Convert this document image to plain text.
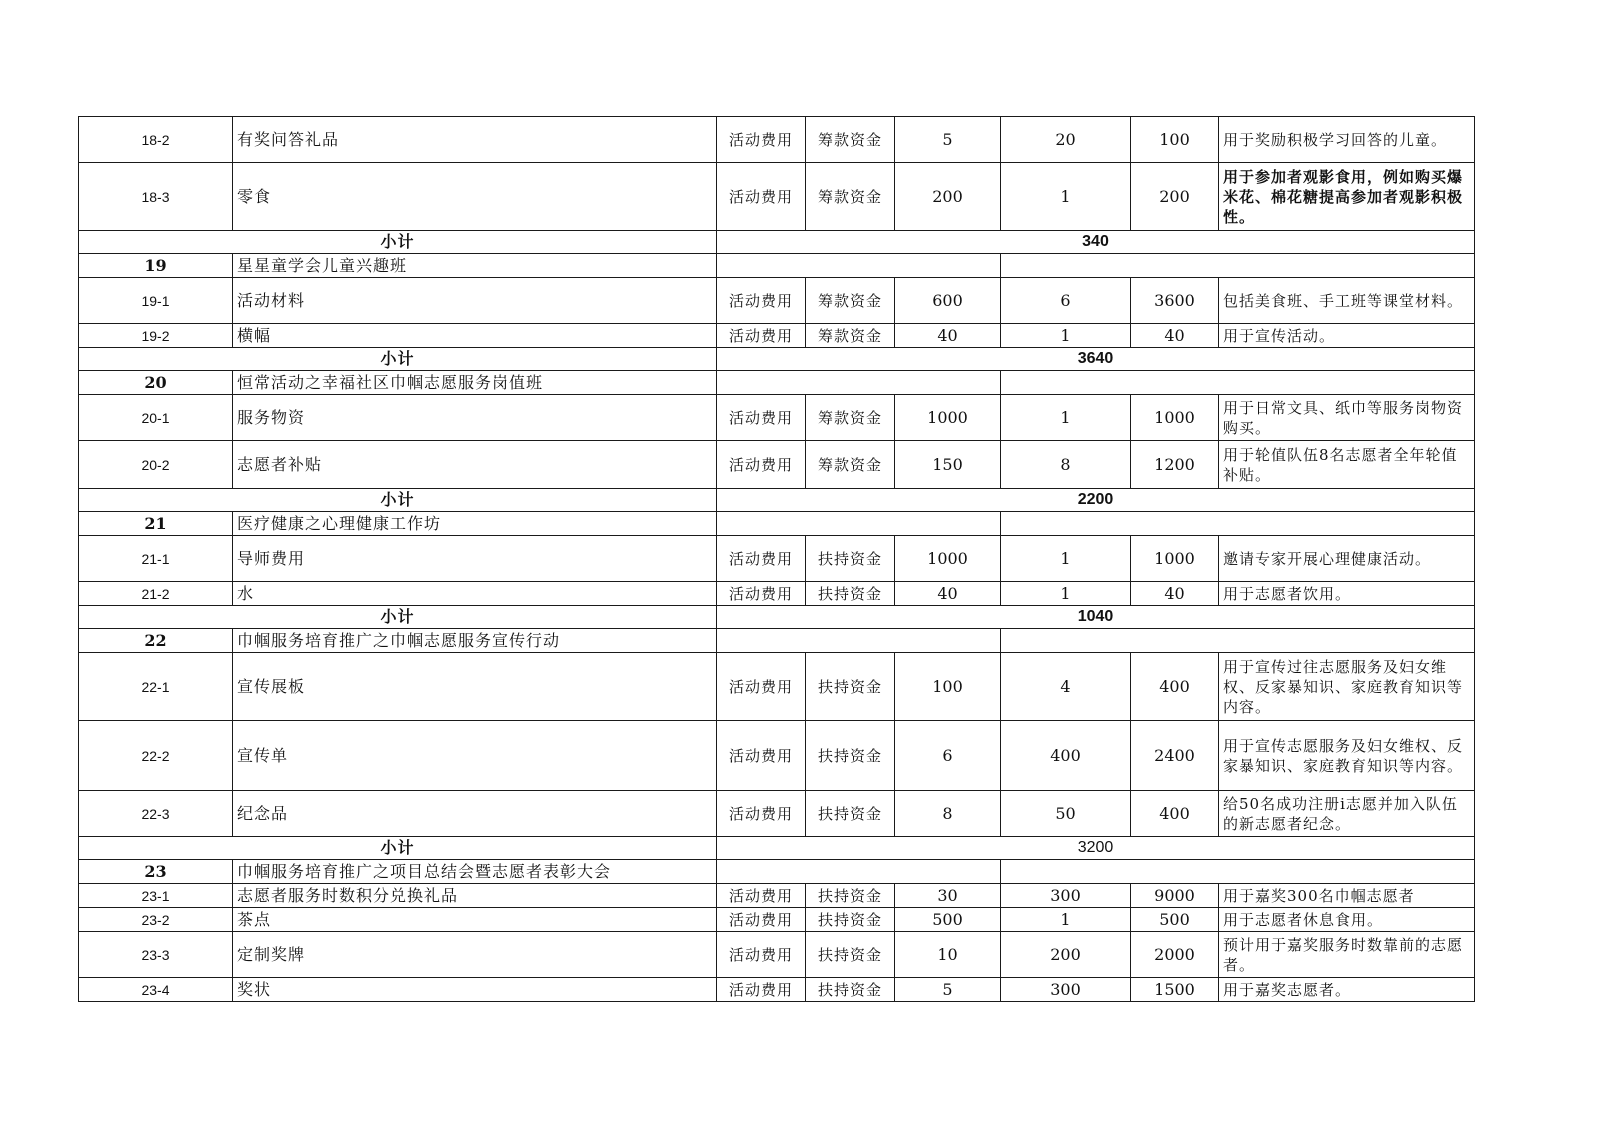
18-2	有奖问答礼品	活动费用	筹款资金	5	20	100	用于奖励积极学习回答的儿童。
18-3	零食	活动费用	筹款资金	200	1	200	用于参加者观影食用，例如购买爆米花、棉花糖提高参加者观影积极性。
小计		340					
19	星星童学会儿童兴趣班						
19-1	活动材料	活动费用	筹款资金	600	6	3600	包括美食班、手工班等课堂材料。
19-2	横幅	活动费用	筹款资金	40	1	40	用于宣传活动。
小计		3640					
20	恒常活动之幸福社区巾帼志愿服务岗值班						
20-1	服务物资	活动费用	筹款资金	1000	1	1000	用于日常文具、纸巾等服务岗物资购买。
20-2	志愿者补贴	活动费用	筹款资金	150	8	1200	用于轮值队伍8名志愿者全年轮值补贴。
小计		2200					
21	医疗健康之心理健康工作坊						
21-1	导师费用	活动费用	扶持资金	1000	1	1000	邀请专家开展心理健康活动。
21-2	水	活动费用	扶持资金	40	1	40	用于志愿者饮用。
小计		1040					
22	巾帼服务培育推广之巾帼志愿服务宣传行动						
22-1	宣传展板	活动费用	扶持资金	100	4	400	用于宣传过往志愿服务及妇女维权、反家暴知识、家庭教育知识等内容。
22-2	宣传单	活动费用	扶持资金	6	400	2400	用于宣传志愿服务及妇女维权、反家暴知识、家庭教育知识等内容。
22-3	纪念品	活动费用	扶持资金	8	50	400	给50名成功注册i志愿并加入队伍的新志愿者纪念。
小计		3200					
23	巾帼服务培育推广之项目总结会暨志愿者表彰大会						
23-1	志愿者服务时数积分兑换礼品	活动费用	扶持资金	30	300	9000	用于嘉奖300名巾帼志愿者
23-2	茶点	活动费用	扶持资金	500	1	500	用于志愿者休息食用。
23-3	定制奖牌	活动费用	扶持资金	10	200	2000	预计用于嘉奖服务时数靠前的志愿者。
23-4	奖状	活动费用	扶持资金	5	300	1500	用于嘉奖志愿者。
